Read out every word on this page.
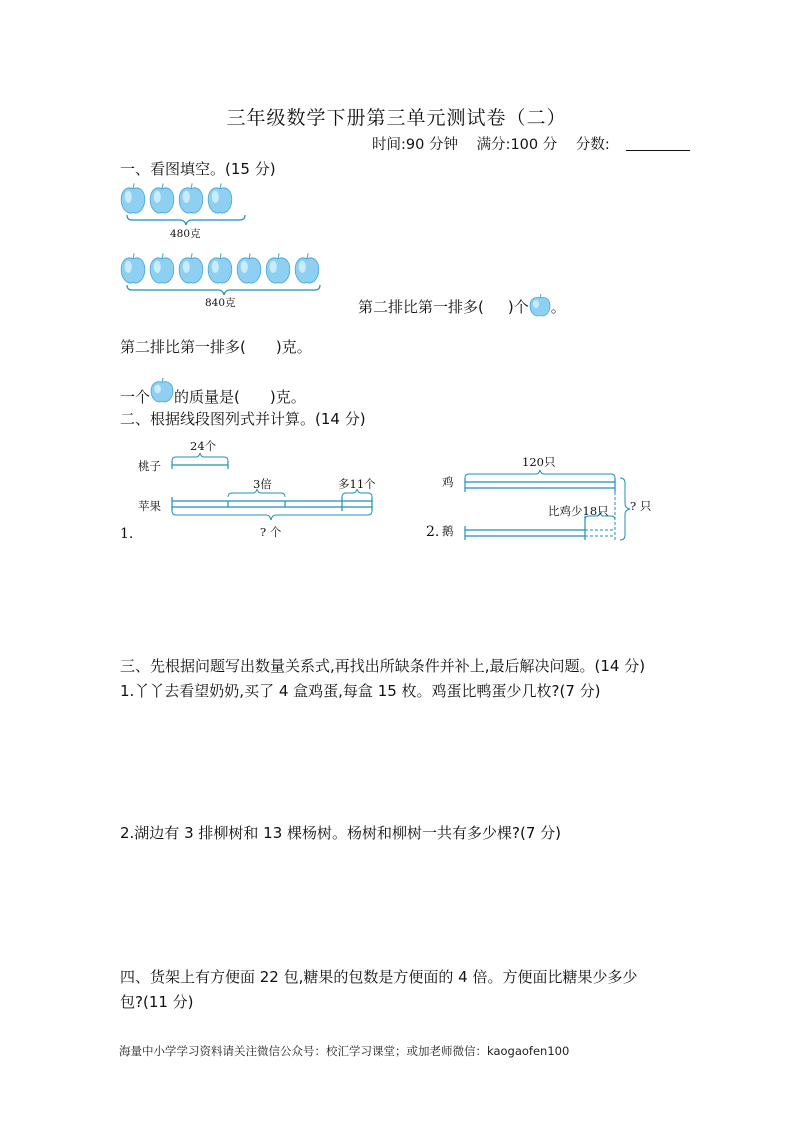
三年级数学下册第三单元测试卷（二）
时间:90 分钟 满分:100 分 分数:
一、看图填空。(15 分)
480克
840克	第二排比第一排多( )个 。
第二排比第一排多(　　)克。
一个 的质量是(　　)克。
二、根据线段图列式并计算。(14 分)
桃子
24个
苹果
3倍	多11个
? 个
1.
鸡
120只
比鸡少18只 ? 只
2. 鹅
三、先根据问题写出数量关系式,再找出所缺条件并补上,最后解决问题。(14 分)
1.丫丫去看望奶奶,买了 4 盒鸡蛋,每盒 15 枚。鸡蛋比鸭蛋少几枚?(7 分)
2.湖边有 3 排柳树和 13 棵杨树。杨树和柳树一共有多少棵?(7 分)
四、货架上有方便面 22 包,糖果的包数是方便面的 4 倍。方便面比糖果少多少
包?(11 分)
海量中小学学习资料请关注微信公众号：校汇学习课堂；或加老师微信：kaogaofen100
